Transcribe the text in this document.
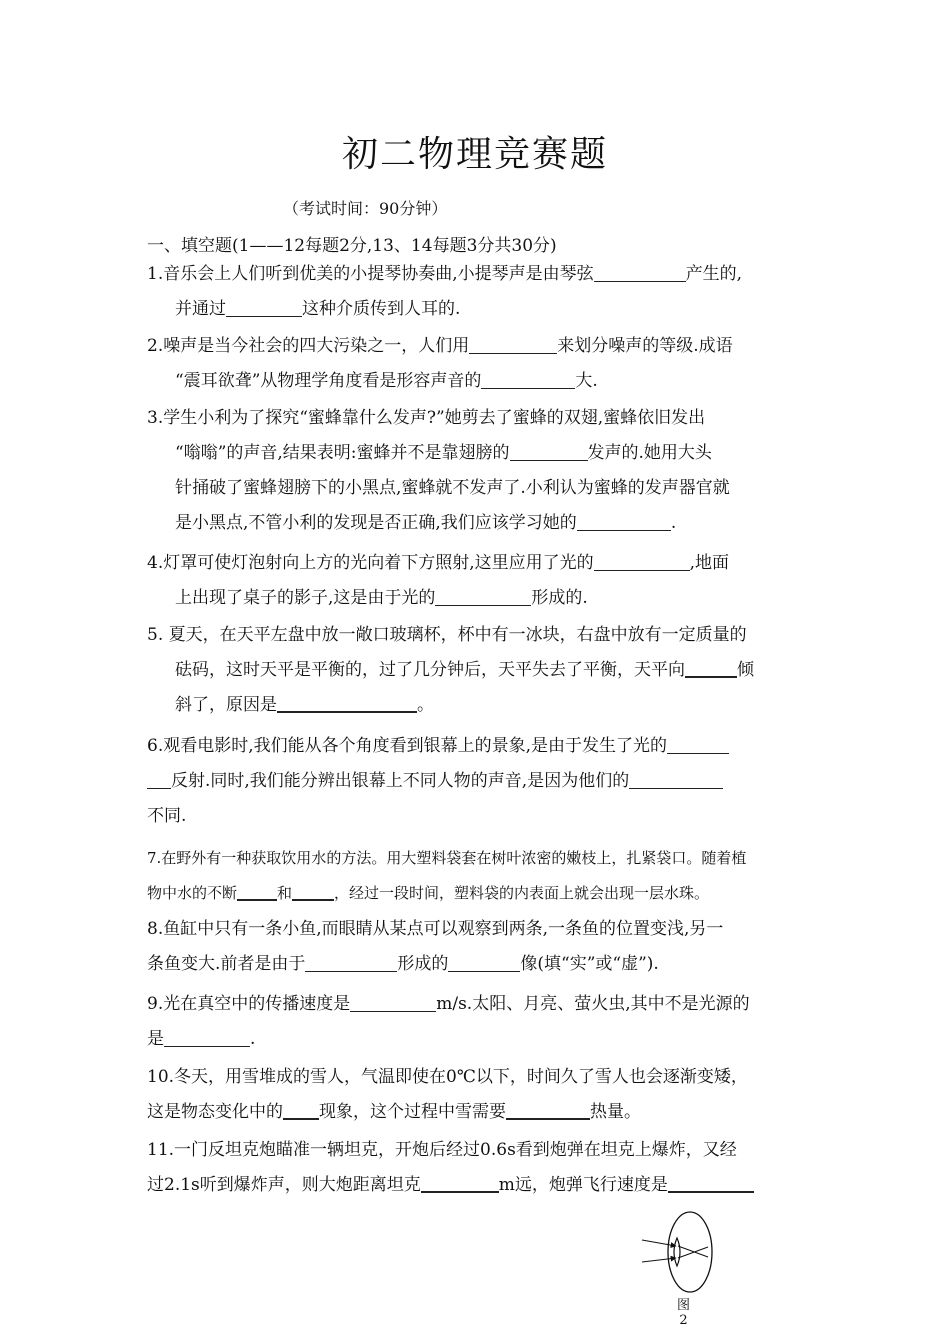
初二物理竞赛题
（考试时间：90分钟）
一、填空题(1——12每题2分,13、14每题3分共30分)
1.音乐会上人们听到优美的小提琴协奏曲,小提琴声是由琴弦	产生的,
并通过	这种介质传到人耳的.
2.噪声是当今社会的四大污染之一，人们用	来划分噪声的等级.成语
“震耳欲聋”从物理学角度看是形容声音的	大.
3.学生小利为了探究“蜜蜂靠什么发声?”她剪去了蜜蜂的双翅,蜜蜂依旧发出
“嗡嗡”的声音,结果表明:蜜蜂并不是靠翅膀的	发声的.她用大头
针捅破了蜜蜂翅膀下的小黑点,蜜蜂就不发声了.小利认为蜜蜂的发声器官就
是小黑点,不管小利的发现是否正确,我们应该学习她的	.
4.灯罩可使灯泡射向上方的光向着下方照射,这里应用了光的	,地面
上出现了桌子的影子,这是由于光的	形成的.
5. 夏天，在天平左盘中放一敞口玻璃杯，杯中有一冰块，右盘中放有一定质量的
砝码，这时天平是平衡的，过了几分钟后，天平失去了平衡，天平向	倾
斜了，原因是	。
6.观看电影时,我们能从各个角度看到银幕上的景象,是由于发生了光的
反射.同时,我们能分辨出银幕上不同人物的声音,是因为他们的
不同.
7.在野外有一种获取饮用水的方法。用大塑料袋套在树叶浓密的嫩枝上，扎紧袋口。随着植
物中水的不断	和	，经过一段时间，塑料袋的内表面上就会出现一层水珠。
8.鱼缸中只有一条小鱼,而眼睛从某点可以观察到两条,一条鱼的位置变浅,另一
条鱼变大.前者是由于	形成的	像(填“实”或“虚”).
9.光在真空中的传播速度是	m/s.太阳、月亮、萤火虫,其中不是光源的
是	.
10.冬天，用雪堆成的雪人，气温即使在0℃以下，时间久了雪人也会逐渐变矮，
这是物态变化中的 现象，这个过程中雪需要	热量。
11.一门反坦克炮瞄准一辆坦克，开炮后经过0.6s看到炮弹在坦克上爆炸，又经
过2.1s听到爆炸声，则大炮距离坦克	m远，炮弹飞行速度是
图
2
